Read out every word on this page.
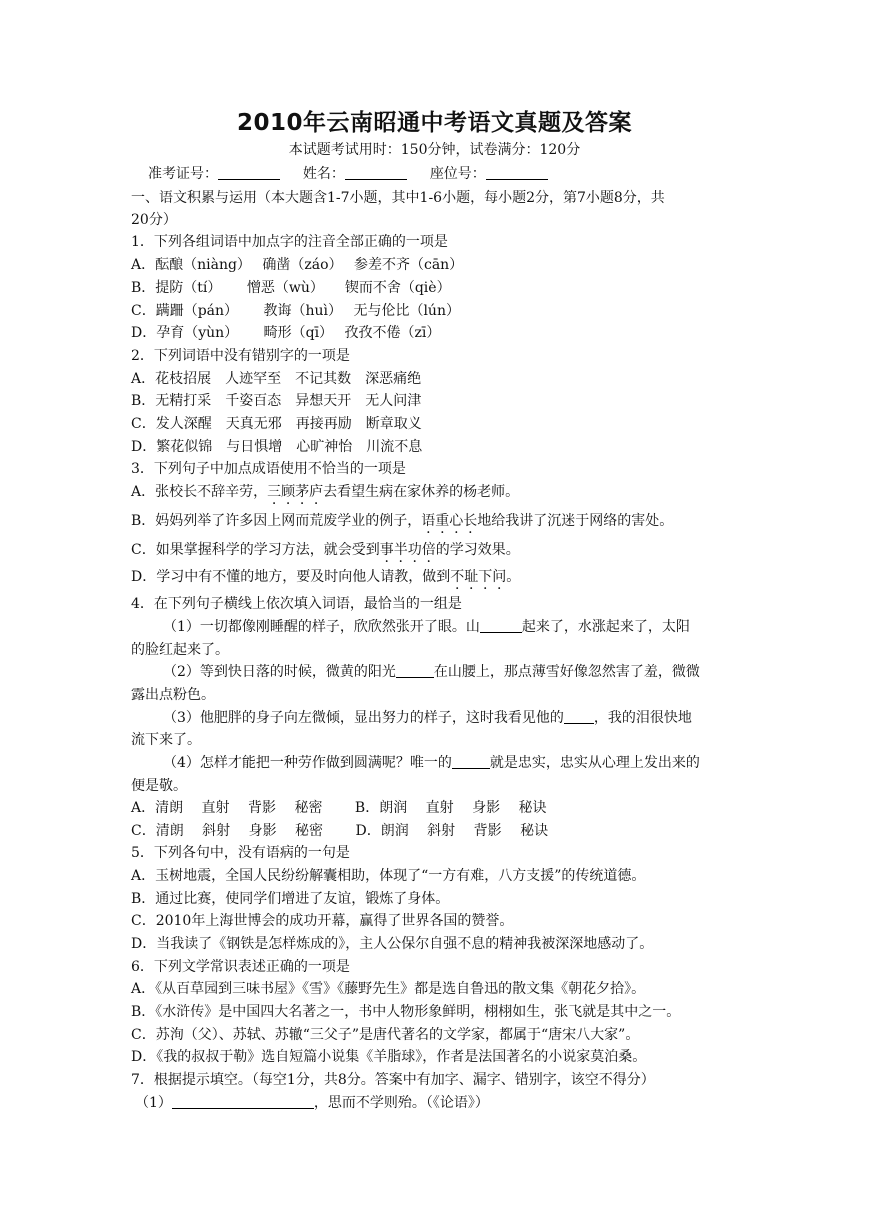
2010年云南昭通中考语文真题及答案
本试题考试用时：150分钟，试卷满分：120分
准考证号：	姓名：	座位号：
一、语文积累与运用（本大题含1-7小题，其中1-6小题，每小题2分，第7小题8分，共
20分）
1．下列各组词语中加点字的注音全部正确的一项是
A．酝酿（niàng）　 确凿（záo）　 参差不齐（cān）
B．提防（tí）　　 憎恶（wù）　　锲而不舍（qiè）
C．蹒跚（pán）　　 教诲（huì）　 无与伦比（lún）
D．孕育（yùn）　　 畸形（qī）　 孜孜不倦（zī）
2．下列词语中没有错别字的一项是
A．花枝招展　人迹罕至　不记其数　深恶痛绝
B．无精打采　千姿百态　异想天开　无人问津
C．发人深醒　天真无邪　再接再励　断章取义
D．繁花似锦　与日惧增　心旷神怡　川流不息
3．下列句子中加点成语使用不恰当的一项是
A．张校长不辞辛劳，三顾茅庐去看望生病在家休养的杨老师。
B．妈妈列举了许多因上网而荒废学业的例子，语重心长地给我讲了沉迷于网络的害处。
C．如果掌握科学的学习方法，就会受到事半功倍的学习效果。
D．学习中有不懂的地方，要及时向他人请教，做到不耻下问。
4．在下列句子横线上依次填入词语，最恰当的一组是
（1）一切都像刚睡醒的样子，欣欣然张开了眼。山	起来了，水涨起来了，太阳
的脸红起来了。
（2）等到快日落的时候，微黄的阳光	在山腰上，那点薄雪好像忽然害了羞，微微
露出点粉色。
（3）他肥胖的身子向左微倾，显出努力的样子，这时我看见他的 ，我的泪很快地
流下来了。
（4）怎样才能把一种劳作做到圆满呢？唯一的	就是忠实，忠实从心理上发出来的
便是敬。
A．清朗　 直射　 背影　 秘密　　 B．朗润　 直射　 身影　 秘诀
C．清朗　 斜射　 身影　 秘密　　 D．朗润　 斜射　 背影　 秘诀
5．下列各句中，没有语病的一句是
A．玉树地震，全国人民纷纷解囊相助，体现了“一方有难，八方支援”的传统道德。
B．通过比赛，使同学们增进了友谊，锻炼了身体。
C．2010年上海世博会的成功开幕，赢得了世界各国的赞誉。
D．当我读了《钢铁是怎样炼成的》，主人公保尔自强不息的精神我被深深地感动了。
6．下列文学常识表述正确的一项是
A．《从百草园到三味书屋》《雪》《藤野先生》都是选自鲁迅的散文集《朝花夕拾》。
B．《水浒传》是中国四大名著之一，书中人物形象鲜明，栩栩如生，张飞就是其中之一。
C．苏洵（父）、苏轼、苏辙“三父子”是唐代著名的文学家，都属于“唐宋八大家”。
D．《我的叔叔于勒》选自短篇小说集《羊脂球》，作者是法国著名的小说家莫泊桑。
7．根据提示填空。（每空1分，共8分。答案中有加字、漏字、错别字，该空不得分）
（1）	，思而不学则殆。（《论语》）
